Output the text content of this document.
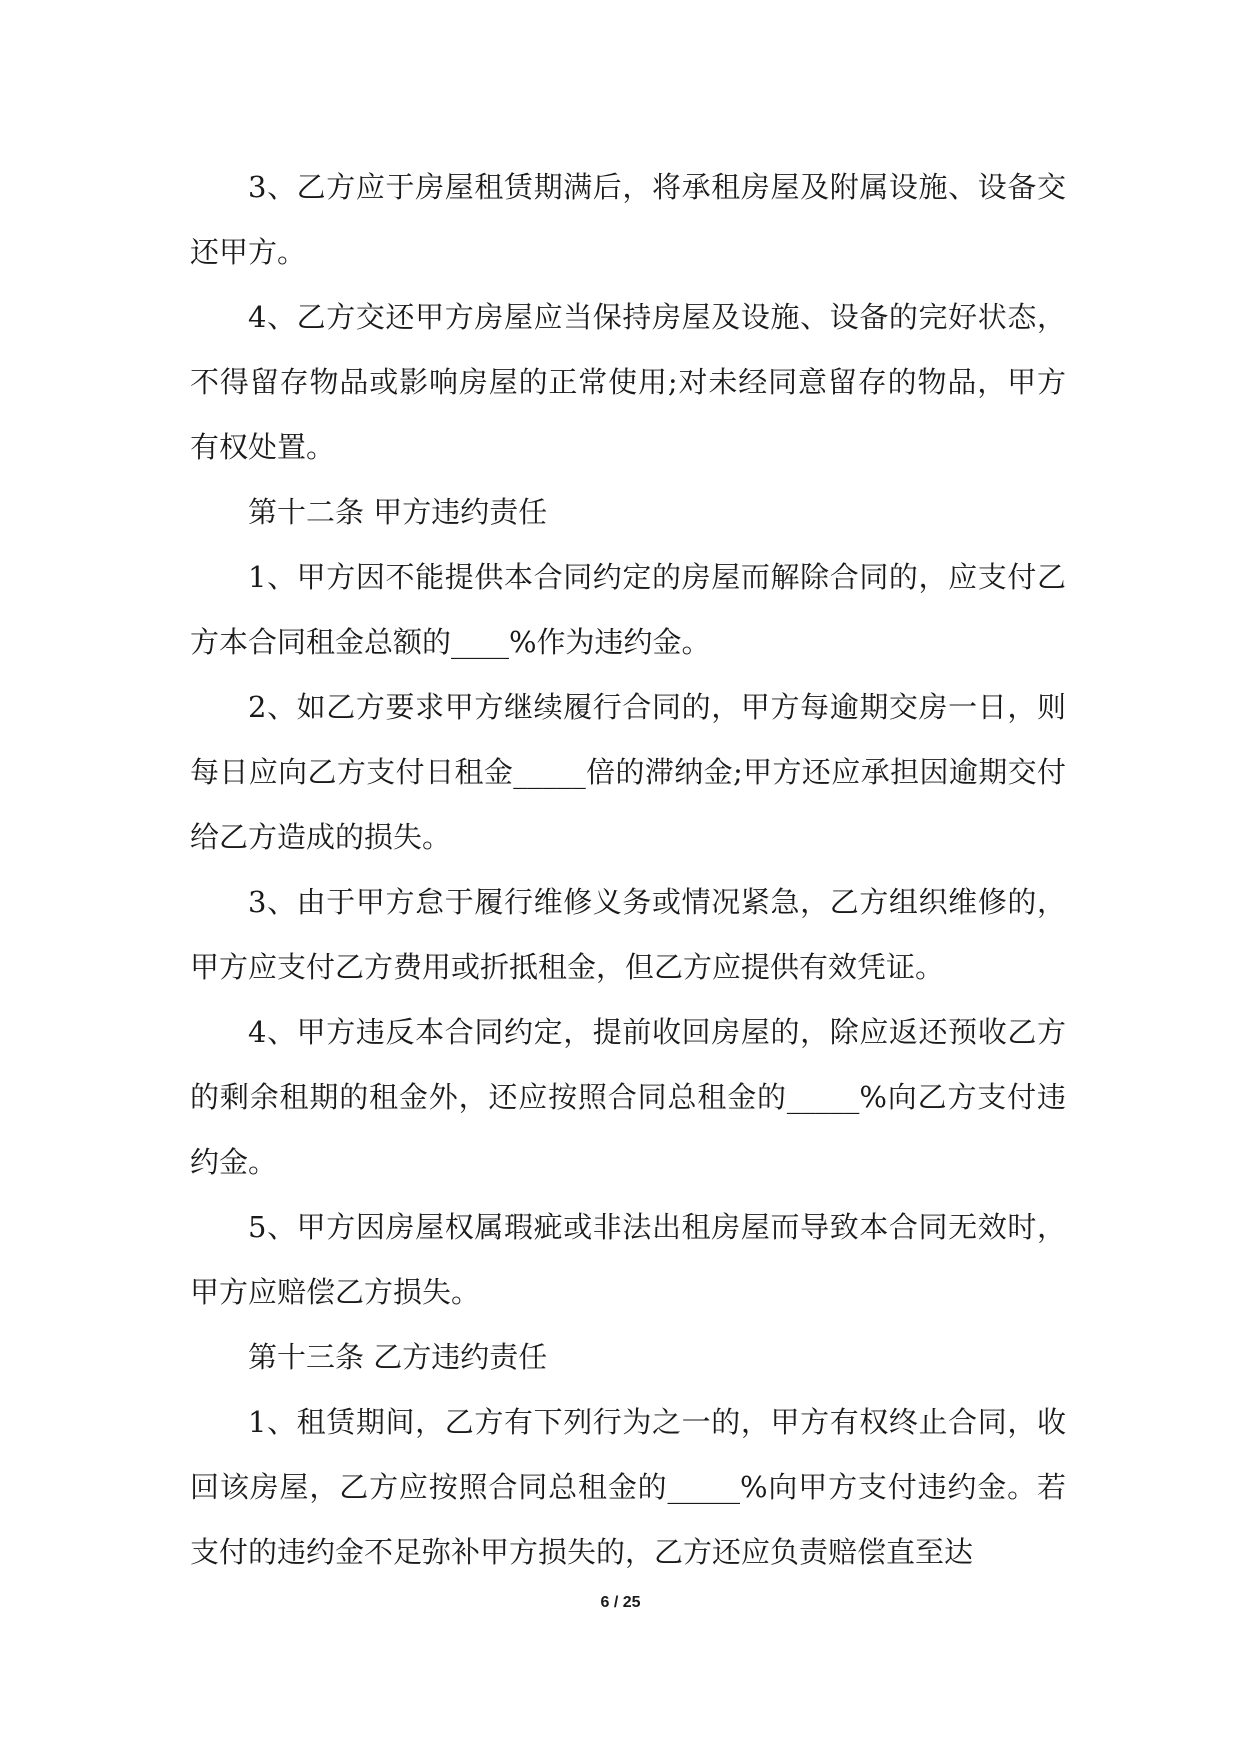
3、乙方应于房屋租赁期满后，将承租房屋及附属设施、设备交还甲方。

4、乙方交还甲方房屋应当保持房屋及设施、设备的完好状态，不得留存物品或影响房屋的正常使用;对未经同意留存的物品，甲方有权处置。

第十二条 甲方违约责任

1、甲方因不能提供本合同约定的房屋而解除合同的，应支付乙方本合同租金总额的____%作为违约金。

2、如乙方要求甲方继续履行合同的，甲方每逾期交房一日，则每日应向乙方支付日租金_____倍的滞纳金;甲方还应承担因逾期交付给乙方造成的损失。

3、由于甲方怠于履行维修义务或情况紧急，乙方组织维修的，甲方应支付乙方费用或折抵租金，但乙方应提供有效凭证。

4、甲方违反本合同约定，提前收回房屋的，除应返还预收乙方的剩余租期的租金外，还应按照合同总租金的_____%向乙方支付违约金。

5、甲方因房屋权属瑕疵或非法出租房屋而导致本合同无效时，甲方应赔偿乙方损失。

第十三条 乙方违约责任

1、租赁期间，乙方有下列行为之一的，甲方有权终止合同，收回该房屋，乙方应按照合同总租金的_____%向甲方支付违约金。若支付的违约金不足弥补甲方损失的，乙方还应负责赔偿直至达

6 / 25
